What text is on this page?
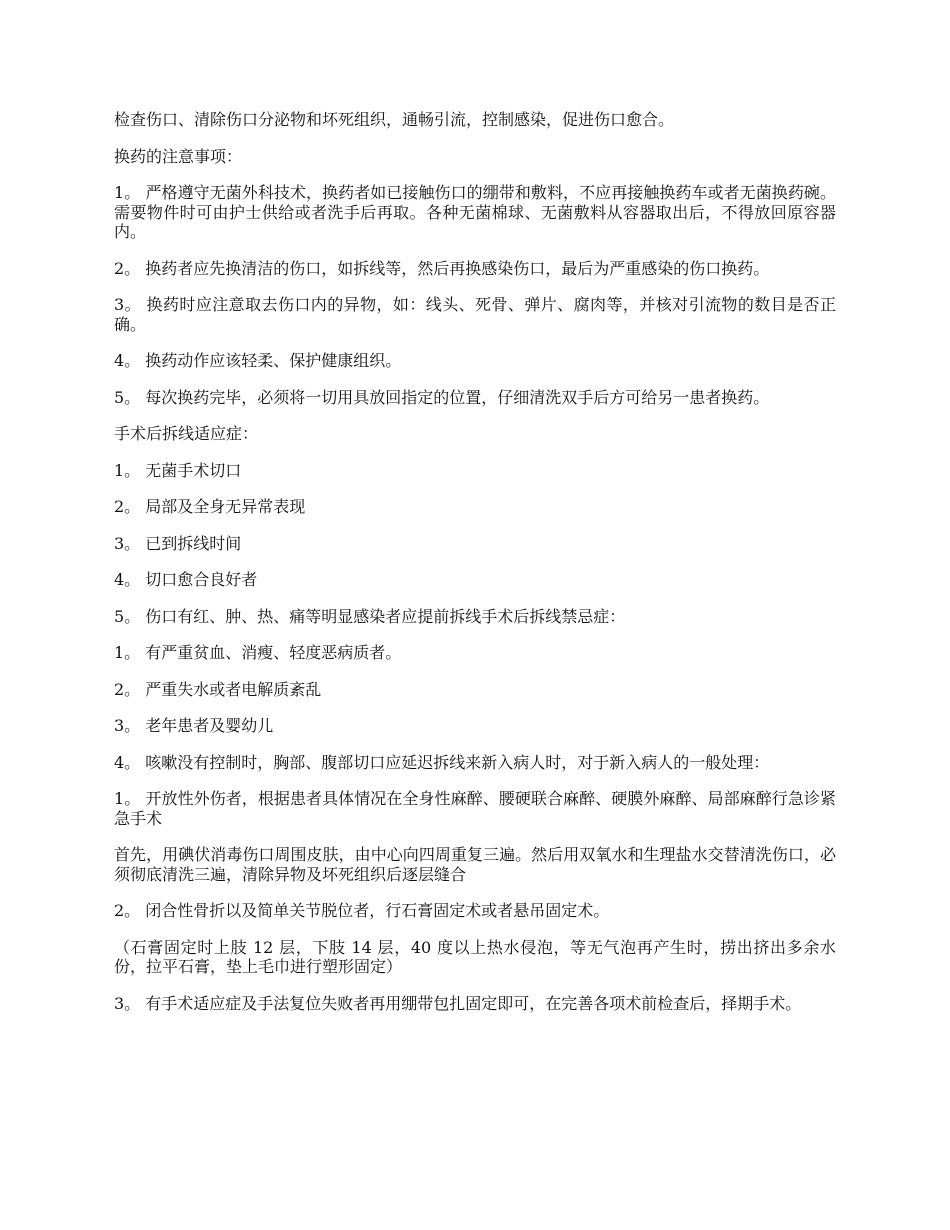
检查伤口、清除伤口分泌物和坏死组织，通畅引流，控制感染，促进伤口愈合。

换药的注意事项：

1。 严格遵守无菌外科技术，换药者如已接触伤口的绷带和敷料，不应再接触换药车或者无菌换药碗。需要物件时可由护士供给或者洗手后再取。各种无菌棉球、无菌敷料从容器取出后，不得放回原容器内。

2。 换药者应先换清洁的伤口，如拆线等，然后再换感染伤口，最后为严重感染的伤口换药。

3。 换药时应注意取去伤口内的异物，如：线头、死骨、弹片、腐肉等，并核对引流物的数目是否正确。

4。 换药动作应该轻柔、保护健康组织。

5。 每次换药完毕，必须将一切用具放回指定的位置，仔细清洗双手后方可给另一患者换药。

手术后拆线适应症：

1。 无菌手术切口

2。 局部及全身无异常表现

3。 已到拆线时间

4。 切口愈合良好者

5。 伤口有红、肿、热、痛等明显感染者应提前拆线手术后拆线禁忌症：

1。 有严重贫血、消瘦、轻度恶病质者。

2。 严重失水或者电解质紊乱

3。 老年患者及婴幼儿

4。 咳嗽没有控制时，胸部、腹部切口应延迟拆线来新入病人时，对于新入病人的一般处理：

1。 开放性外伤者，根据患者具体情况在全身性麻醉、腰硬联合麻醉、硬膜外麻醉、局部麻醉行急诊紧急手术

首先，用碘伏消毒伤口周围皮肤，由中心向四周重复三遍。然后用双氧水和生理盐水交替清洗伤口，必须彻底清洗三遍，清除异物及坏死组织后逐层缝合

2。 闭合性骨折以及简单关节脱位者，行石膏固定术或者悬吊固定术。

（石膏固定时上肢 12 层，下肢 14 层，40 度以上热水侵泡，等无气泡再产生时，捞出挤出多余水份，拉平石膏，垫上毛巾进行塑形固定）

3。 有手术适应症及手法复位失败者再用绷带包扎固定即可，在完善各项术前检查后，择期手术。
